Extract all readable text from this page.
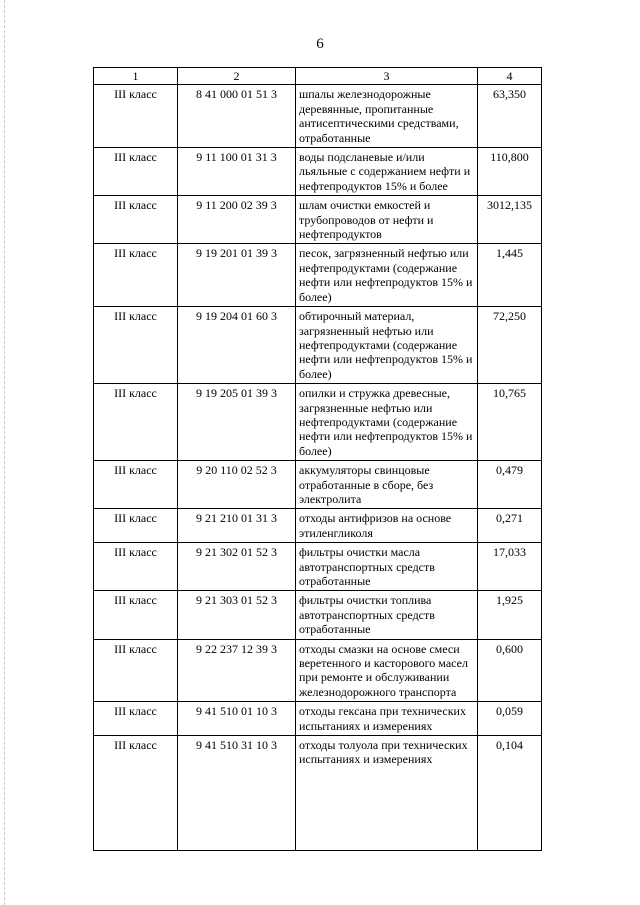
6
1	2	3	4
III класс	8 41 000 01 51 3	шпалы железнодорожные деревянные, пропитанные антисептическими средствами, отработанные	63,350
III класс	9 11 100 01 31 3	воды подсланевые и/или льяльные с содержанием нефти и нефтепродуктов 15% и более	110,800
III класс	9 11 200 02 39 3	шлам очистки емкостей и трубопроводов от нефти и нефтепродуктов	3012,135
III класс	9 19 201 01 39 3	песок, загрязненный нефтью или нефтепродуктами (содержание нефти или нефтепродуктов 15% и более)	1,445
III класс	9 19 204 01 60 3	обтирочный материал, загрязненный нефтью или нефтепродуктами (содержание нефти или нефтепродуктов 15% и более)	72,250
III класс	9 19 205 01 39 3	опилки и стружка древесные, загрязненные нефтью или нефтепродуктами (содержание нефти или нефтепродуктов 15% и более)	10,765
III класс	9 20 110 02 52 3	аккумуляторы свинцовые отработанные в сборе, без электролита	0,479
III класс	9 21 210 01 31 3	отходы антифризов на основе этиленгликоля	0,271
III класс	9 21 302 01 52 3	фильтры очистки масла автотранспортных средств отработанные	17,033
III класс	9 21 303 01 52 3	фильтры очистки топлива автотранспортных средств отработанные	1,925
III класс	9 22 237 12 39 3	отходы смазки на основе смеси веретенного и касторового масел при ремонте и обслуживании железнодорожного транспорта	0,600
III класс	9 41 510 01 10 3	отходы гексана при технических испытаниях и измерениях	0,059
III класс	9 41 510 31 10 3	отходы толуола при технических испытаниях и измерениях	0,104
